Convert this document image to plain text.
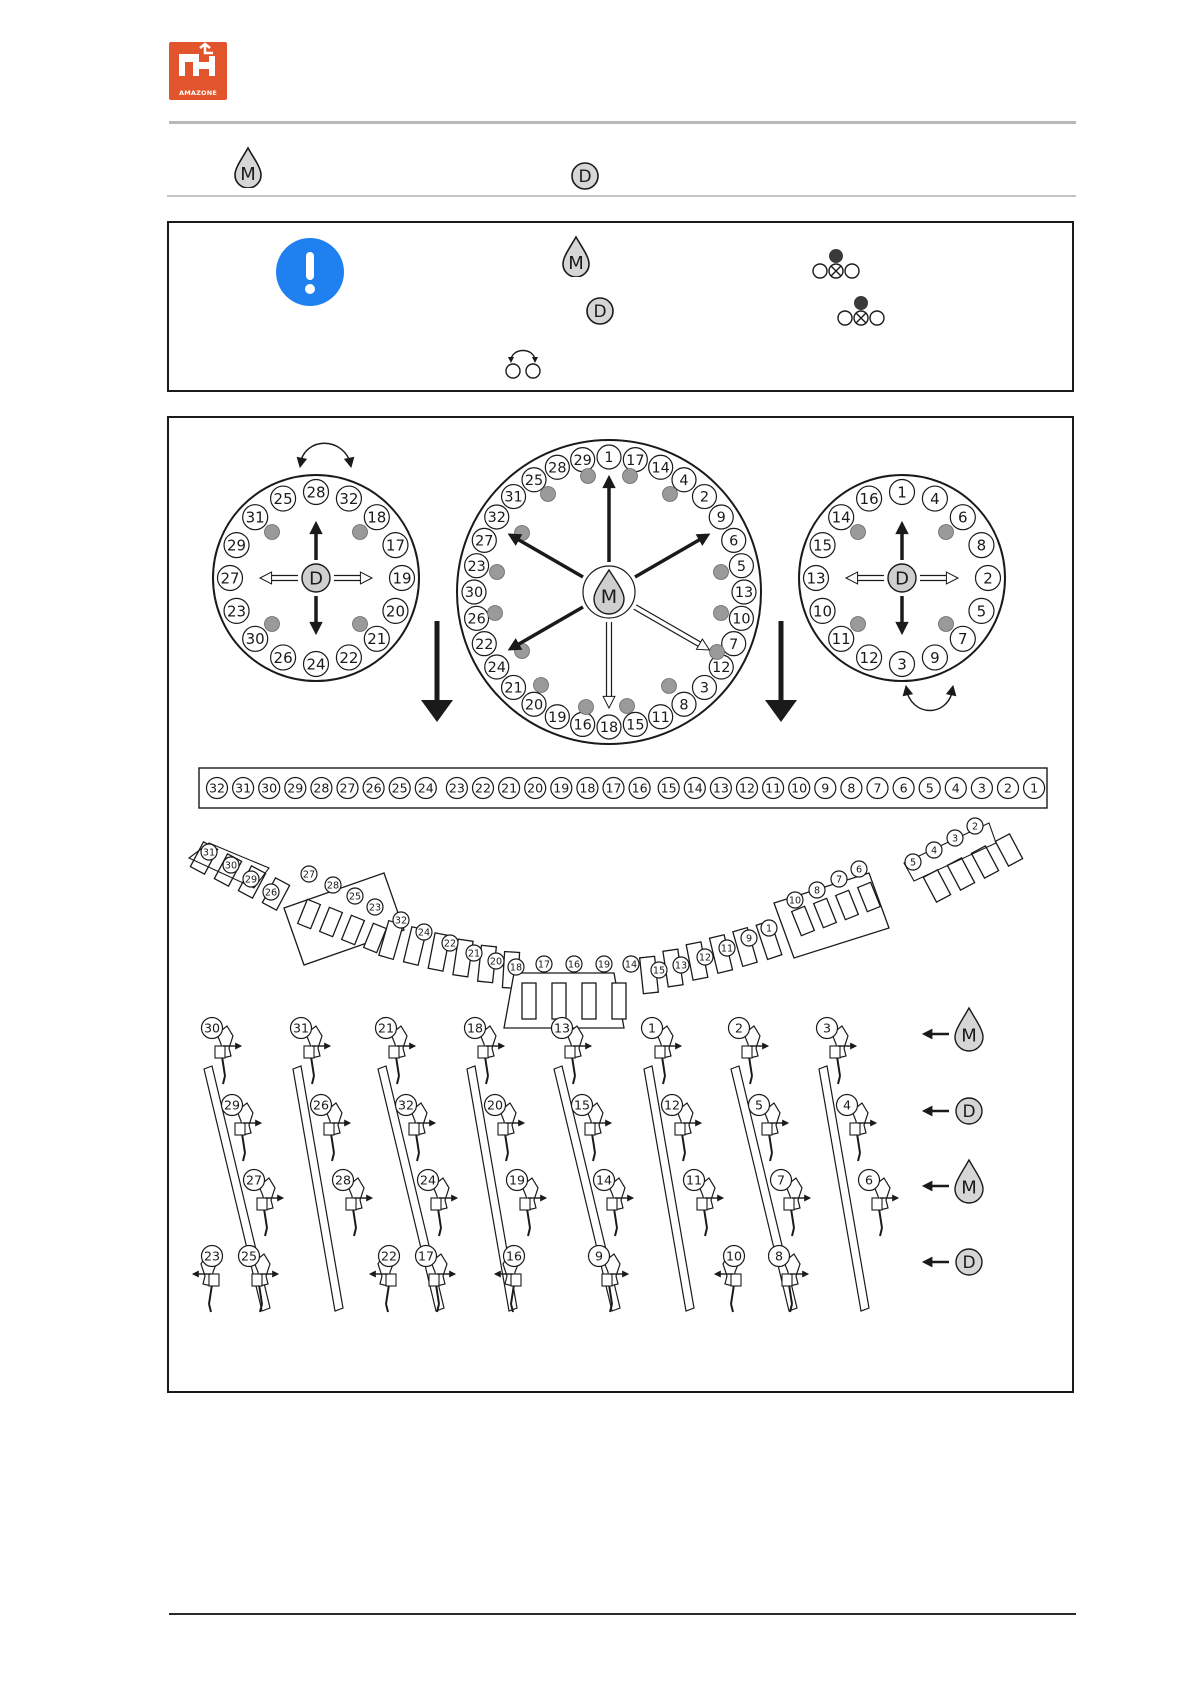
AMAZONE
M	D
M
D
28 32
18
17
19
20
21
22
24
26
30
23
27
29
31
25
D
1 17 14
4
2
9
6
5
13
10
7
12
3
8
11
15
18
16
19
20
21
24
22
26
30
23
27
32
31
25
28 29
M
1 4
6
8
2
5
7
9
3
12
11
10
13
15
14
16
D
32 31 30 29 28 27 26 25 24 23 22 21 20 19 18 17 16 15 14 13 12 11 10 9 8 7 6 5 4 3 2 1
31
30
29
26
27
28
25
23
32
24
22
21
20
18 17 16 19 14
15 13
12
11
9
1
10
8
7
6
5
4
3
2
30	31	21	18	13	1	2	3	M
29	26	32	20	15	12	5	4	D
27	28	24	19	14	11	7	6	M
23 25	22 17	16	9	10	8	D
